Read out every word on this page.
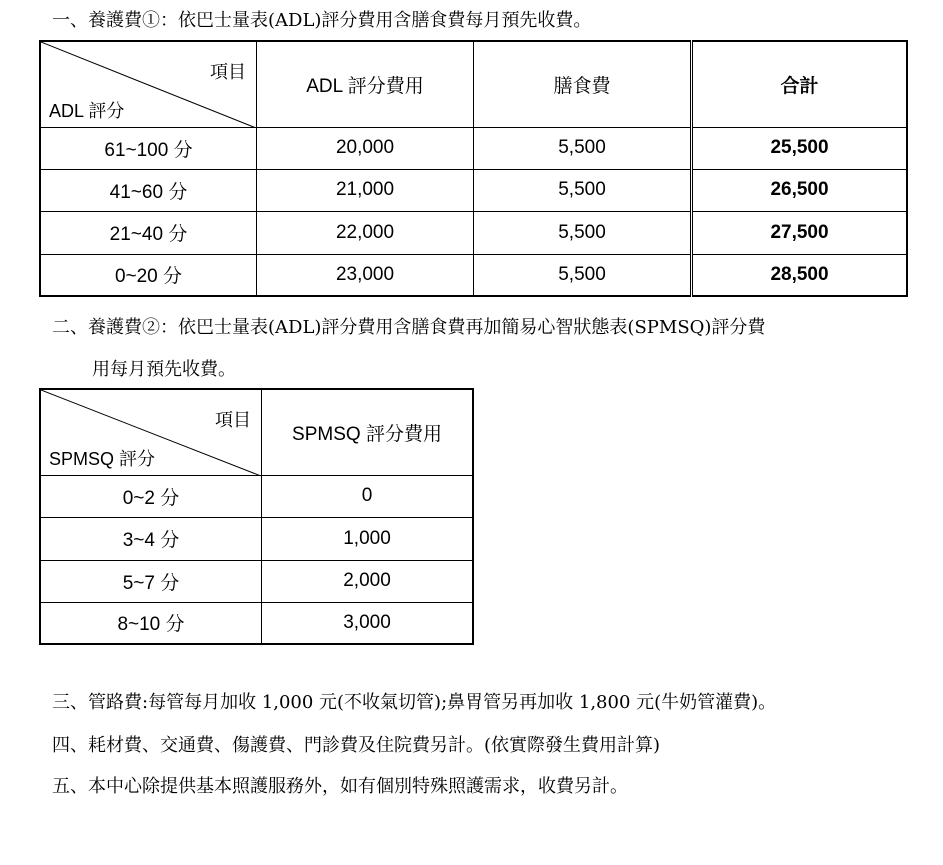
一、養護費①：依巴士量表(ADL)評分費用含膳食費每月預先收費。
項目
ADL 評分	ADL 評分費用	膳食費	合計
61~100 分	20,000	5,500	25,500
41~60 分	21,000	5,500	26,500
21~40 分	22,000	5,500	27,500
0~20 分	23,000	5,500	28,500
二、養護費②：依巴士量表(ADL)評分費用含膳食費再加簡易心智狀態表(SPMSQ)評分費
用每月預先收費。
項目
SPMSQ 評分	SPMSQ 評分費用
0~2 分	0
3~4 分	1,000
5~7 分	2,000
8~10 分	3,000
三、管路費:每管每月加收 1,000 元(不收氣切管);鼻胃管另再加收 1,800 元(牛奶管灌費)。
四、耗材費、交通費、傷護費、門診費及住院費另計。(依實際發生費用計算)
五、本中心除提供基本照護服務外，如有個別特殊照護需求，收費另計。
